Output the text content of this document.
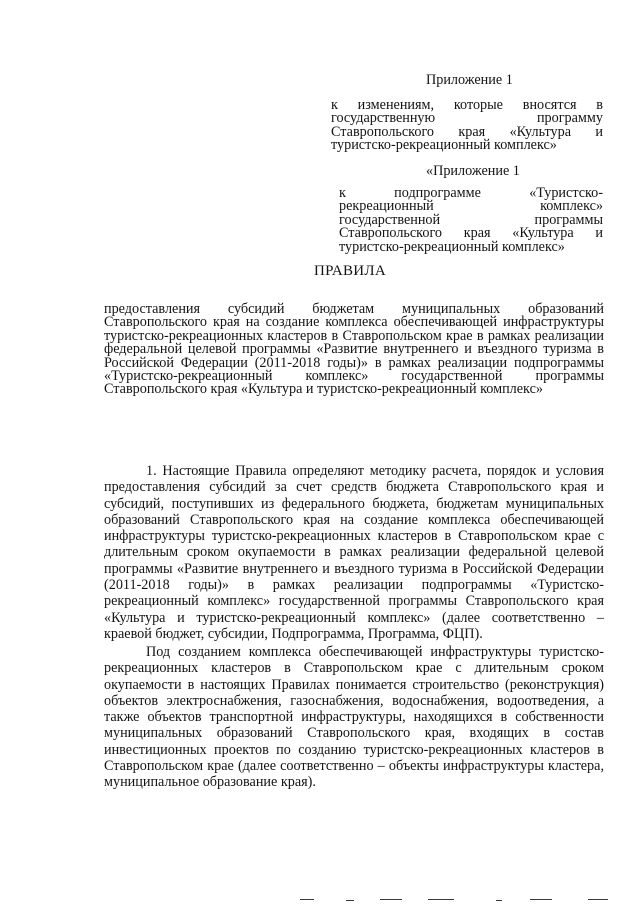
Приложение 1

к изменениям, которые вносятся в государственную программу Ставропольского края «Культура и туристско-рекреационный комплекс»

«Приложение 1

к подпрограмме «Туристско-рекреационный комплекс» государственной программы Ставропольского края «Культура и туристско-рекреационный комплекс»

ПРАВИЛА

предоставления субсидий бюджетам муниципальных образований Ставропольского края на создание комплекса обеспечивающей инфраструктуры туристско-рекреационных кластеров в Ставропольском крае в рамках реализации федеральной целевой программы «Развитие внутреннего и въездного туризма в Российской Федерации (2011-2018 годы)» в рамках реализации подпрограммы «Туристско-рекреационный комплекс» государственной программы Ставропольского края «Культура и туристско-рекреационный комплекс»

1. Настоящие Правила определяют методику расчета, порядок и условия предоставления субсидий за счет средств бюджета Ставропольского края и субсидий, поступивших из федерального бюджета, бюджетам муниципальных образований Ставропольского края на создание комплекса обеспечивающей инфраструктуры туристско-рекреационных кластеров в Ставропольском крае с длительным сроком окупаемости в рамках реализации федеральной целевой программы «Развитие внутреннего и въездного туризма в Российской Федерации (2011-2018 годы)» в рамках реализации подпрограммы «Туристско-рекреационный комплекс» государственной программы Ставропольского края «Культура и туристско-рекреационный комплекс» (далее соответственно – краевой бюджет, субсидии, Подпрограмма, Программа, ФЦП).

Под созданием комплекса обеспечивающей инфраструктуры туристско-рекреационных кластеров в Ставропольском крае с длительным сроком окупаемости в настоящих Правилах понимается строительство (реконструкция) объектов электроснабжения, газоснабжения, водоснабжения, водоотведения, а также объектов транспортной инфраструктуры, находящихся в собственности муниципальных образований Ставропольского края, входящих в состав инвестиционных проектов по созданию туристско-рекреационных кластеров в Ставропольском крае (далее соответственно – объекты инфраструктуры кластера, муниципальное образование края).
